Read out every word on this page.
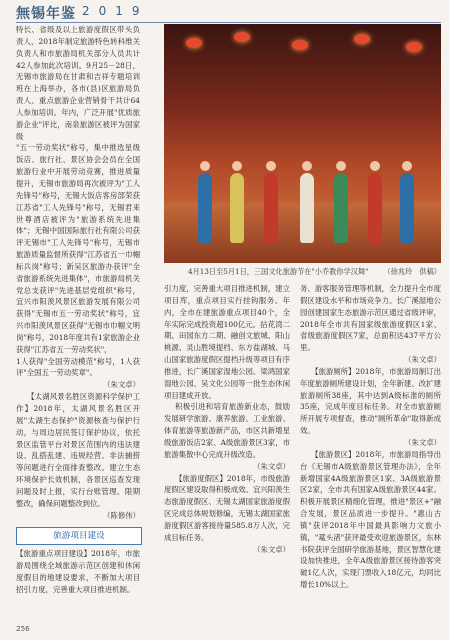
無锡年鉴 2019

特长、省级及以上旅游度假区带头负责人，2018年制定旅游特色转科维关负责人和市旅游局机关部分人员共计42人参加此次培训。9月25－28日，无锡市旅游局在甘肃和吉祥专题培训班在上海举办，各市(县)区旅游局负责人、重点旅游企业营销骨干共计64人参加培训。年内，广泛开展"优质旅游企业"评比，南泉旅游区被评为国家级

"五一劳动奖状"称号，集中推选星级饭店、旅行社、景区协会会员在全国旅游行业中开展劳动竞赛，推进质量提升，无锡市旅游局再次被评为"工人先锋号"称号，无锡大饭店客房部荣获江苏省"工人先锋号"称号，无锡君来世尊酒店被评为"旅游系统先进集体"；无锡中国国际旅行社有限公司获评无锡市"工人先锋号"称号，无锡市旅游质量监督所获得"江苏省五一巾帼标兵岗"称号；新吴区旅游办获评"全省旅游系统先进集体"，市旅游局机关党总支获评"先进基层党组织"称号，宜兴市阳羡风景区旅游发展有限公司获得"无锡市五一劳动奖状"称号，宜兴市阳羡风景区获得"无锡市巾帼文明岗"称号，2018年度共有1家旅游企业获得"江苏省五一劳动奖状"，

1人获得"全国劳动模范"称号，1人获评"全国五一劳动奖章"。

（朱文卓）

【太湖风景名胜区资源科学保护工作】2018年，太湖风景名胜区开展"太湖生态保护"资源核查与保护行动，与周边居民签订保护协议，依托景区监管平台对景区范围内的违法建设、乱搭乱建、违规经营、非法捕捞等问题进行全面排查整改。建立生态环境保护长效机制，各景区巡查发现问题及时上报，实行台账管理、限期整改，确保问题整改到位。

（陈修伟）

4月13日至5月1日，三国文化旅游节在"小乔教你学汉舞" （徐兆玲　供稿）
旅游项目建设

【旅游重点项目建设】2018年，市旅游局围绕全域旅游示范区创建和休闲度假目的地建设要求，不断加大项目招引力度，完善重大项目推进机制。

引力度，完善重大项目推进机制，建立项目库，重点项目实行挂钩服务。年内，全市在建旅游重点项目40个，全年实际完成投资超100亿元。拈花湾二期、田园东方二期、融创文旅城、阳山桃源、灵山胜境提档、东方盐湖城、马山国家旅游度假区提档升级等项目有序推进，长广溪国家湿地公园、梁鸿国家湿地公园、吴文化公园等一批生态休闲项目建成开放。

积极引进和培育旅游新业态，鼓励发展研学旅游、康养旅游、工业旅游、体育旅游等旅游新产品，市区共新增星级旅游饭店2家、A级旅游景区3家，市旅游集散中心完成升级改造。

（朱文卓）

【旅游度假区】2018年，市级旅游度假区建设取得积极成效。宜兴阳羡生态旅游度假区、无锡太湖国家旅游度假区完成总体规划修编，无锡太湖国家旅游度假区游客接待量585.8万人次，完成目标任务。

（朱文卓）

务、游客服务管理等机制，全力提升全市度假区建设水平和市场竞争力。长广溪湿地公园创建国家生态旅游示范区通过省级评审，2018年全市共有国家级旅游度假区1家、省级旅游度假区7家，总面积达437平方公里。

（朱文卓）

【旅游厕所】2018年，市旅游局制订出年度旅游厕所建设计划，全年新建、改扩建旅游厕所38座，其中达到A级标准的厕所35座，完成年度目标任务。对全市旅游厕所开展专项督查，推动"厕所革命"取得新成效。

（朱文卓）

【旅游景区】2018年，市旅游局指导出台《无锡市A级旅游景区管理办法》，全年新增国家4A级旅游景区1家、3A级旅游景区2家，全市共有国家A级旅游景区44家。积极开展景区精细化管理，推进"景区+"融合发展，景区品质进一步提升。"惠山古镇"获评2018年中国最具影响力文旅小镇，"鼋头渚"获评最受欢迎旅游景区，东林书院获评全国研学旅游基地，景区智慧化建设加快推进，全年A级旅游景区接待游客突破1亿人次，实现门票收入18亿元，均同比增长10%以上。

256
